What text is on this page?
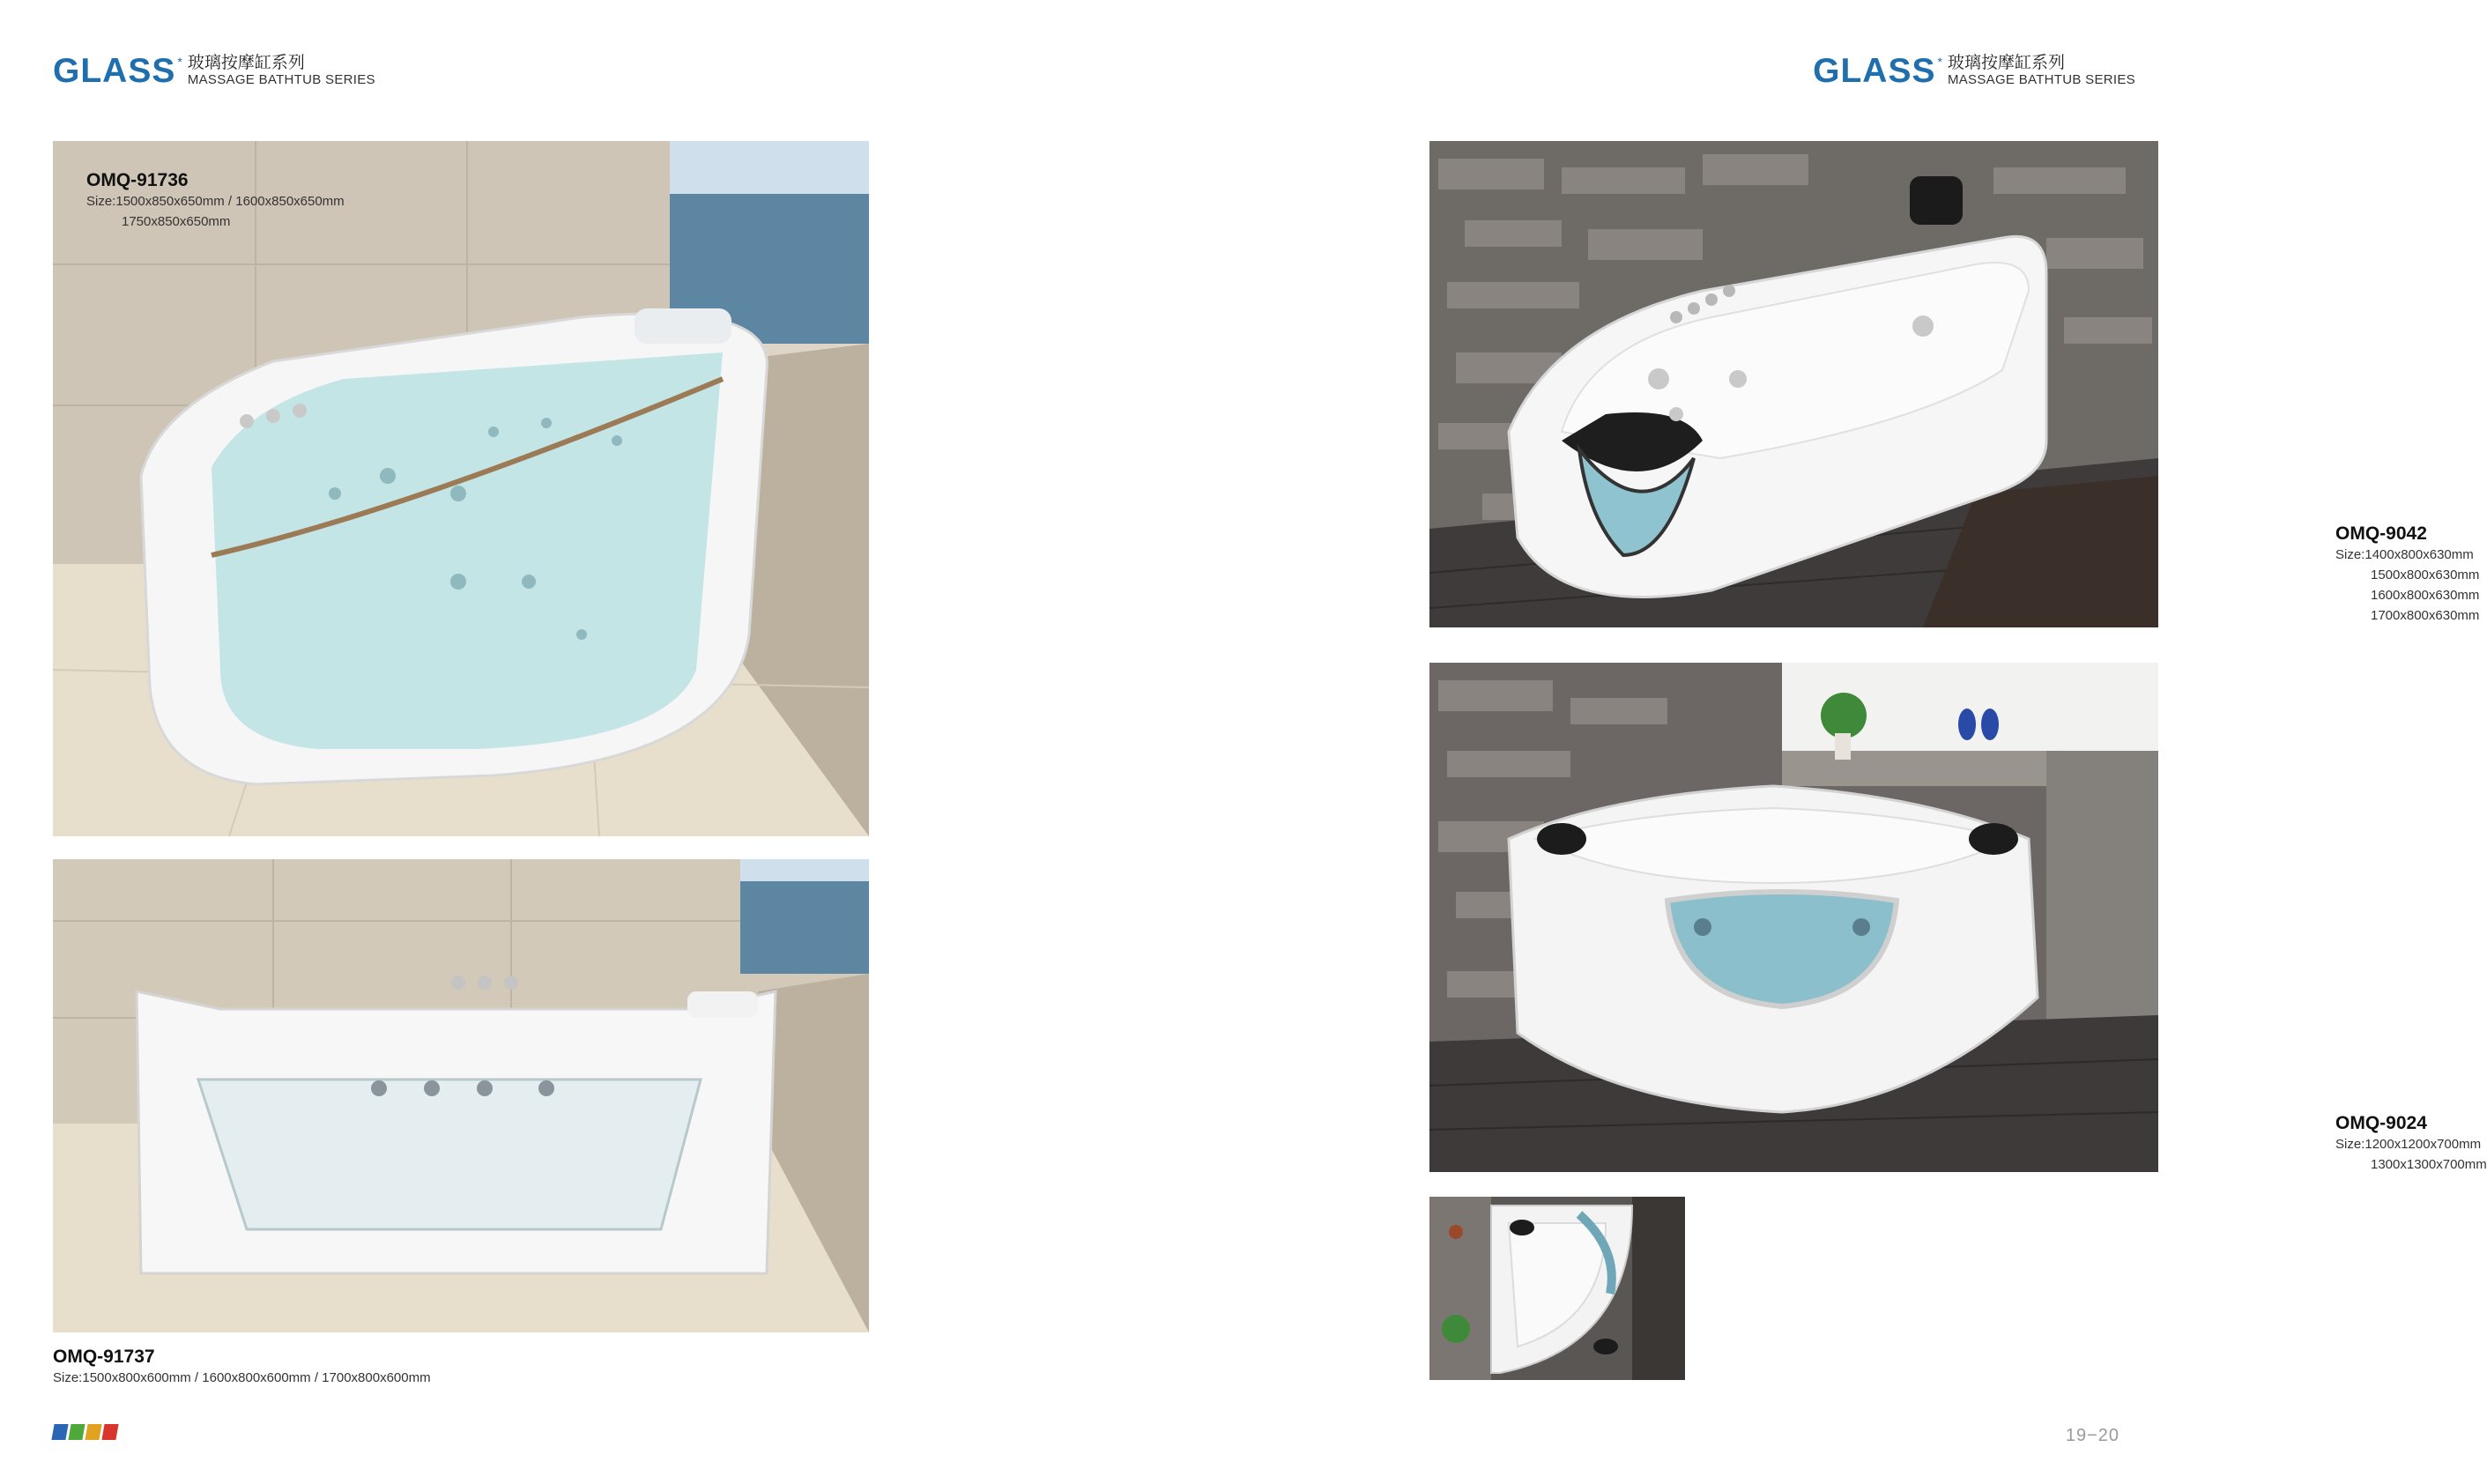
GLASS * 玻璃按摩缸系列
MASSAGE BATHTUB SERIES
OMQ-91736
Size:1500x850x650mm / 1600x850x650mm
1750x850x650mm
OMQ-91737
Size:1500x800x600mm / 1600x800x600mm / 1700x800x600mm
GLASS * 玻璃按摩缸系列
MASSAGE BATHTUB SERIES
OMQ-9042
Size:1400x800x630mm
1500x800x630mm
1600x800x630mm
1700x800x630mm
OMQ-9024
Size:1200x1200x700mm
1300x1300x700mm
19−20
